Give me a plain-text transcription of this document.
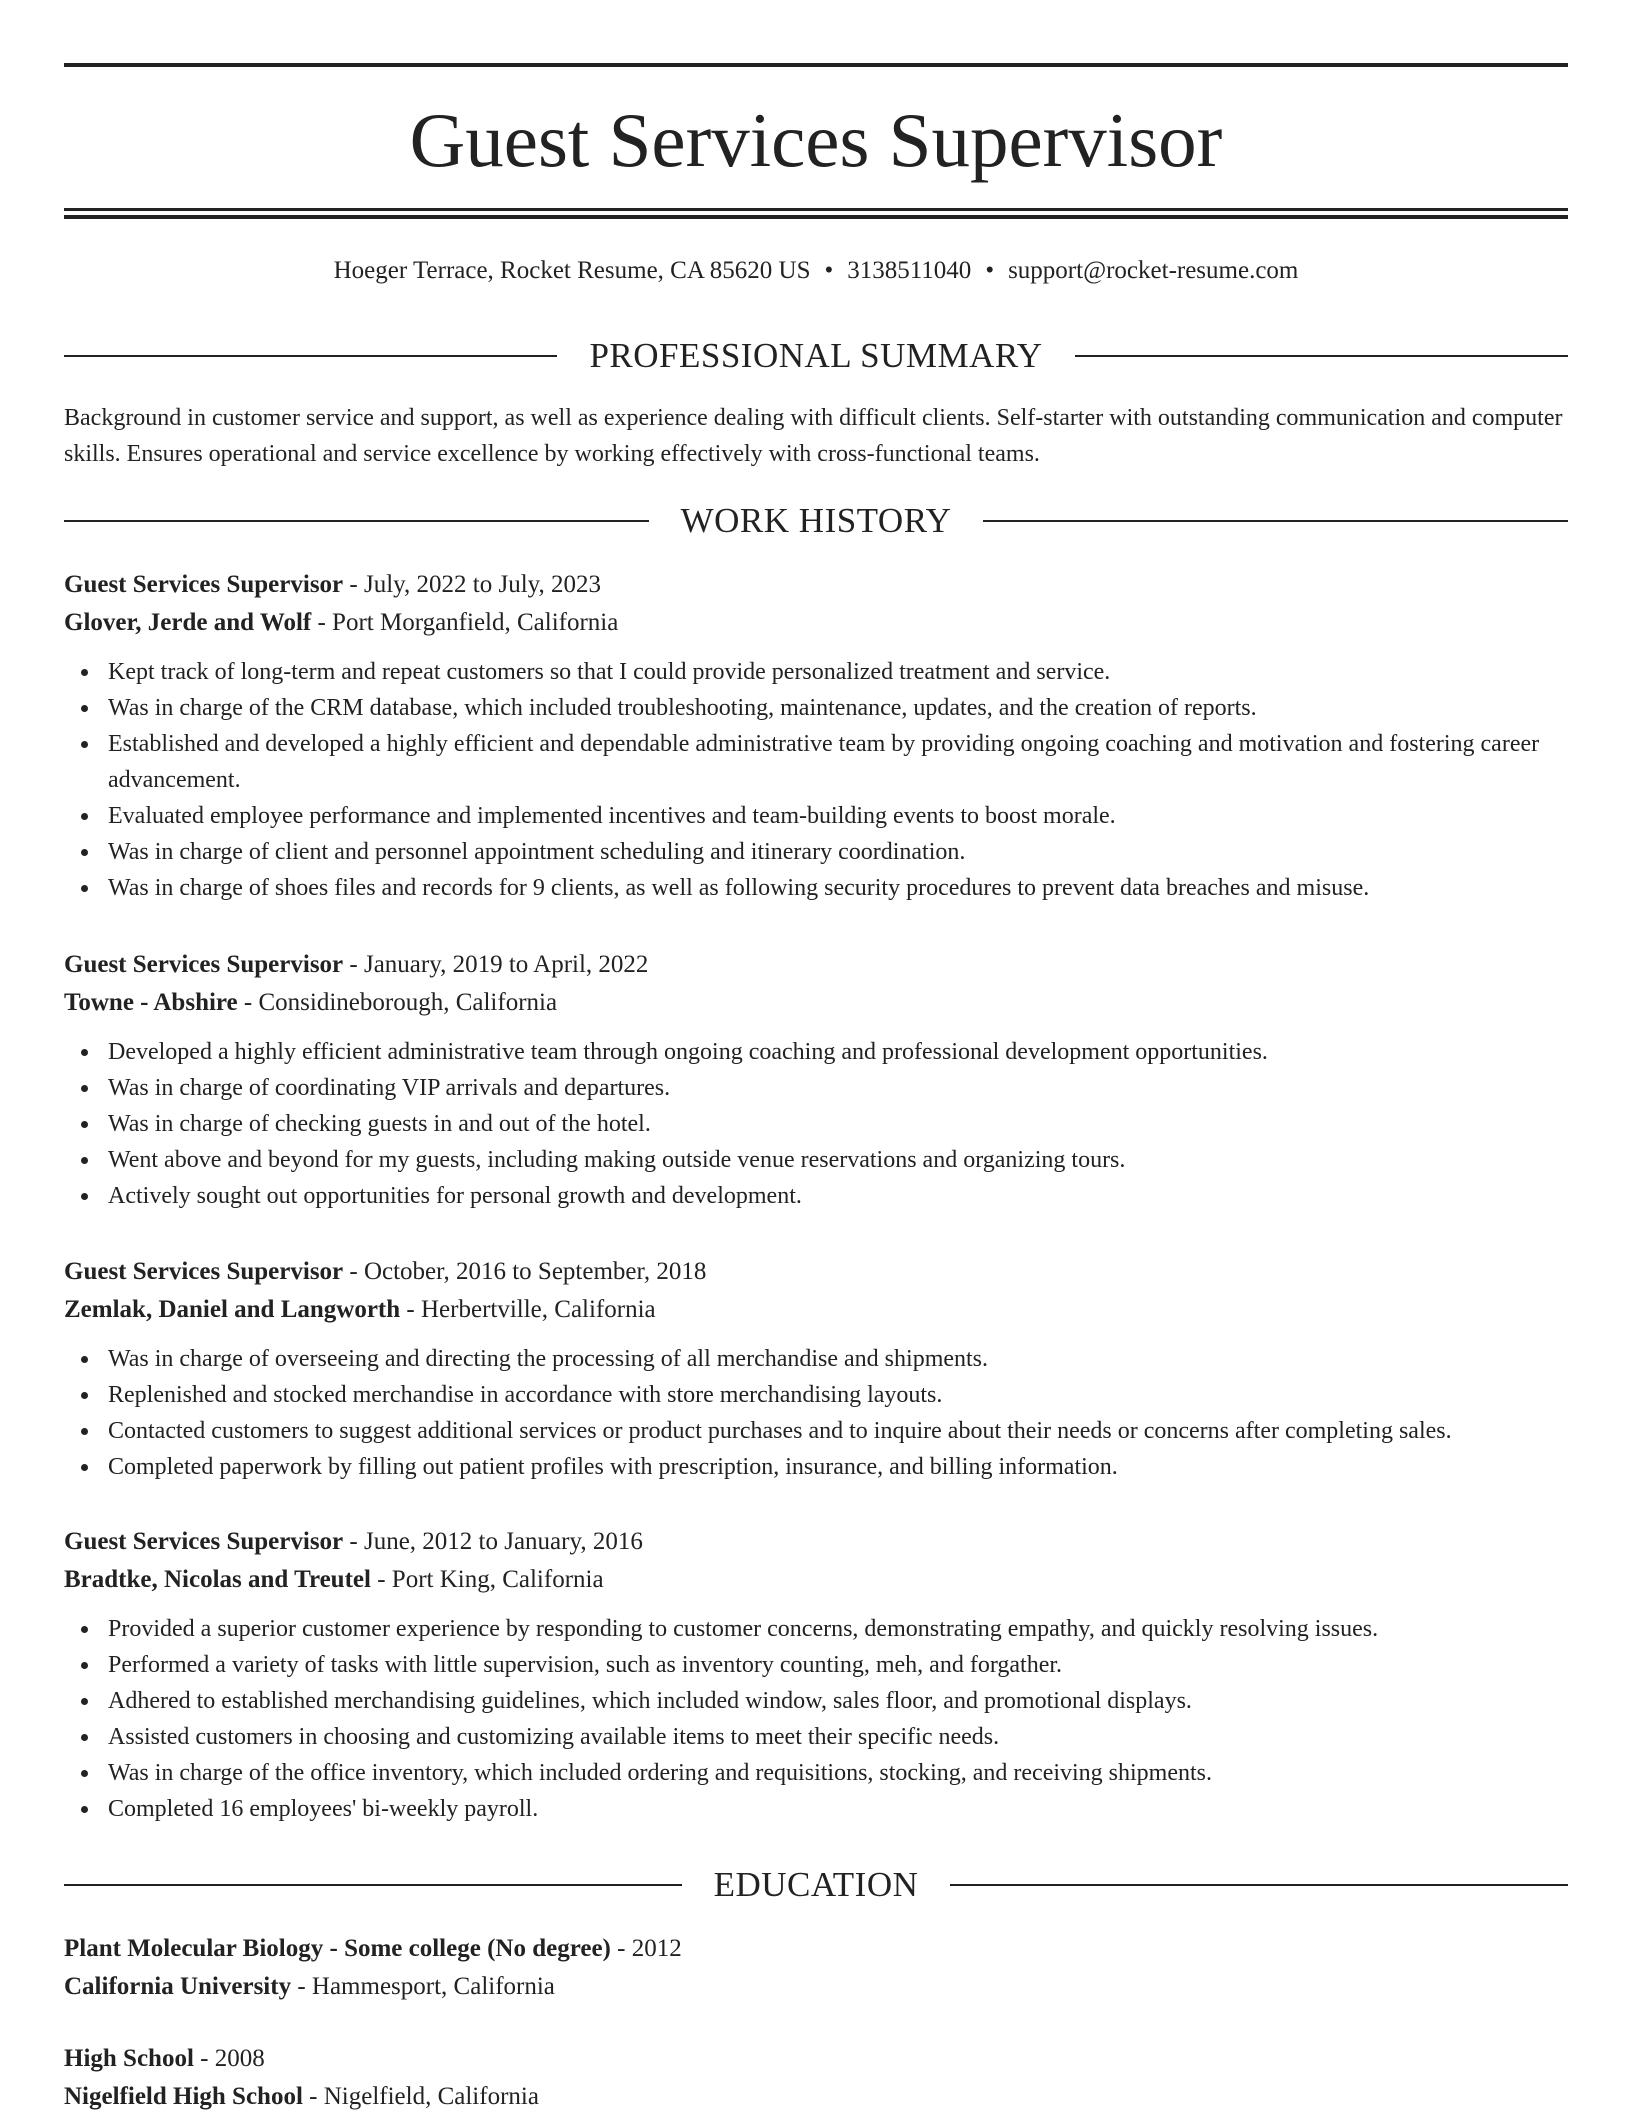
Guest Services Supervisor
Hoeger Terrace, Rocket Resume, CA 85620 US • 3138511040 • support@rocket-resume.com
PROFESSIONAL SUMMARY

Background in customer service and support, as well as experience dealing with difficult clients. Self-starter with outstanding communication and computer skills. Ensures operational and service excellence by working effectively with cross-functional teams.

WORK HISTORY

Guest Services Supervisor - July, 2022 to July, 2023

Glover, Jerde and Wolf - Port Morganfield, California

Kept track of long-term and repeat customers so that I could provide personalized treatment and service.
Was in charge of the CRM database, which included troubleshooting, maintenance, updates, and the creation of reports.
Established and developed a highly efficient and dependable administrative team by providing ongoing coaching and motivation and fostering career advancement.
Evaluated employee performance and implemented incentives and team-building events to boost morale.
Was in charge of client and personnel appointment scheduling and itinerary coordination.
Was in charge of shoes files and records for 9 clients, as well as following security procedures to prevent data breaches and misuse.

Guest Services Supervisor - January, 2019 to April, 2022

Towne - Abshire - Considineborough, California

Developed a highly efficient administrative team through ongoing coaching and professional development opportunities.
Was in charge of coordinating VIP arrivals and departures.
Was in charge of checking guests in and out of the hotel.
Went above and beyond for my guests, including making outside venue reservations and organizing tours.
Actively sought out opportunities for personal growth and development.

Guest Services Supervisor - October, 2016 to September, 2018

Zemlak, Daniel and Langworth - Herbertville, California

Was in charge of overseeing and directing the processing of all merchandise and shipments.
Replenished and stocked merchandise in accordance with store merchandising layouts.
Contacted customers to suggest additional services or product purchases and to inquire about their needs or concerns after completing sales.
Completed paperwork by filling out patient profiles with prescription, insurance, and billing information.

Guest Services Supervisor - June, 2012 to January, 2016

Bradtke, Nicolas and Treutel - Port King, California

Provided a superior customer experience by responding to customer concerns, demonstrating empathy, and quickly resolving issues.
Performed a variety of tasks with little supervision, such as inventory counting, meh, and forgather.
Adhered to established merchandising guidelines, which included window, sales floor, and promotional displays.
Assisted customers in choosing and customizing available items to meet their specific needs.
Was in charge of the office inventory, which included ordering and requisitions, stocking, and receiving shipments.
Completed 16 employees' bi-weekly payroll.
EDUCATION

Plant Molecular Biology - Some college (No degree) - 2012

California University - Hammesport, California

High School - 2008

Nigelfield High School - Nigelfield, California
